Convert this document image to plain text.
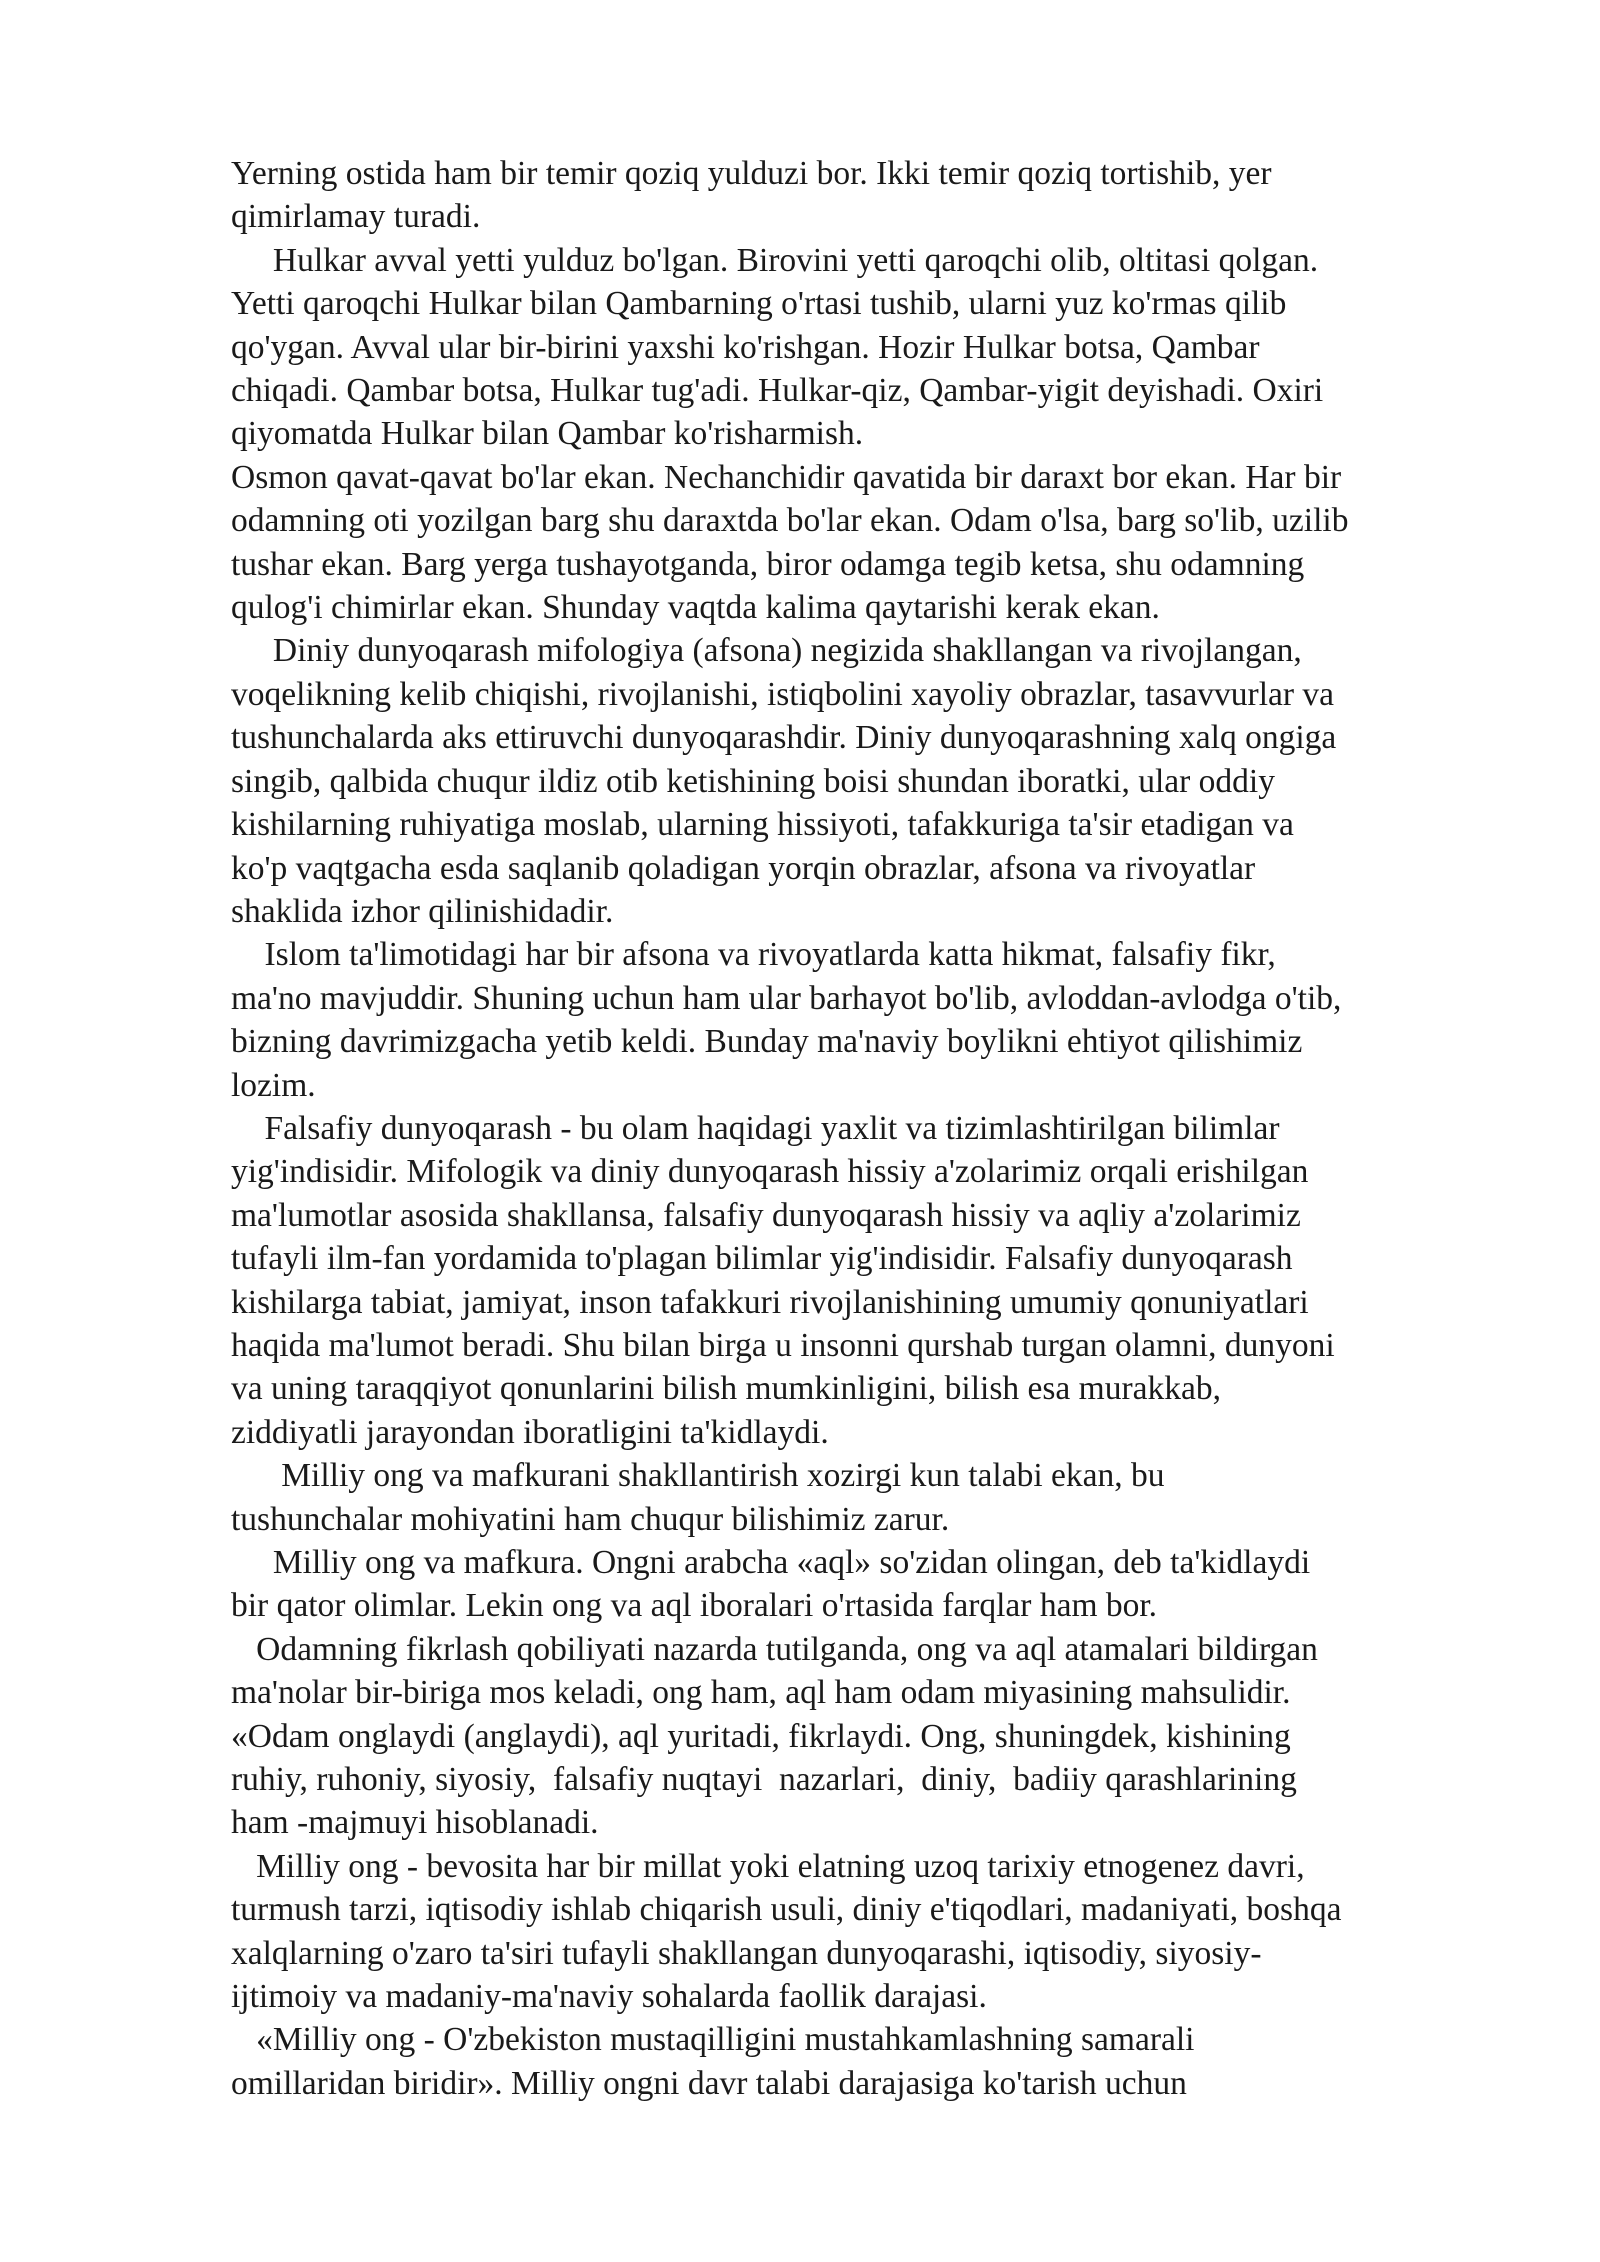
Yerning ostida ham bir temir qoziq yulduzi bor. Ikki temir qoziq tortishib, yer
qimirlamay turadi.
Hulkar avval yetti yulduz bo'lgan. Birovini yetti qaroqchi olib, oltitasi qolgan.
Yetti qaroqchi Hulkar bilan Qambarning o'rtasi tushib, ularni yuz ko'rmas qilib
qo'ygan. Avval ular bir-birini yaxshi ko'rishgan. Hozir Hulkar botsa, Qambar
chiqadi. Qambar botsa, Hulkar tug'adi. Hulkar-qiz, Qambar-yigit deyishadi. Oxiri
qiyomatda Hulkar bilan Qambar ko'risharmish.
Osmon qavat-qavat bo'lar ekan. Nechanchidir qavatida bir daraxt bor ekan. Har bir
odamning oti yozilgan barg shu daraxtda bo'lar ekan. Odam o'lsa, barg so'lib, uzilib
tushar ekan. Barg yerga tushayotganda, biror odamga tegib ketsa, shu odamning
qulog'i chimirlar ekan. Shunday vaqtda kalima qaytarishi kerak ekan.
Diniy dunyoqarash mifologiya (afsona) negizida shakllangan va rivojlangan,
voqelikning kelib chiqishi, rivojlanishi, istiqbolini xayoliy obrazlar, tasavvurlar va
tushunchalarda aks ettiruvchi dunyoqarashdir. Diniy dunyoqarashning xalq ongiga
singib, qalbida chuqur ildiz otib ketishining boisi shundan iboratki, ular oddiy
kishilarning ruhiyatiga moslab, ularning hissiyoti, tafakkuriga ta'sir etadigan va
ko'p vaqtgacha esda saqlanib qoladigan yorqin obrazlar, afsona va rivoyatlar
shaklida izhor qilinishidadir.
Islom ta'limotidagi har bir afsona va rivoyatlarda katta hikmat, falsafiy fikr,
ma'no mavjuddir. Shuning uchun ham ular barhayot bo'lib, avloddan-avlodga o'tib,
bizning davrimizgacha yetib keldi. Bunday ma'naviy boylikni ehtiyot qilishimiz
lozim.
Falsafiy dunyoqarash - bu olam haqidagi yaxlit va tizimlashtirilgan bilimlar
yig'indisidir. Mifologik va diniy dunyoqarash hissiy a'zolarimiz orqali erishilgan
ma'lumotlar asosida shakllansa, falsafiy dunyoqarash hissiy va aqliy a'zolarimiz
tufayli ilm-fan yordamida to'plagan bilimlar yig'indisidir. Falsafiy dunyoqarash
kishilarga tabiat, jamiyat, inson tafakkuri rivojlanishining umumiy qonuniyatlari
haqida ma'lumot beradi. Shu bilan birga u insonni qurshab turgan olamni, dunyoni
va uning taraqqiyot qonunlarini bilish mumkinligini, bilish esa murakkab,
ziddiyatli jarayondan iboratligini ta'kidlaydi.
Milliy ong va mafkurani shakllantirish xozirgi kun talabi ekan, bu
tushunchalar mohiyatini ham chuqur bilishimiz zarur.
Milliy ong va mafkura. Ongni arabcha «aql» so'zidan olingan, deb ta'kidlaydi
bir qator olimlar. Lekin ong va aql iboralari o'rtasida farqlar ham bor.
Odamning fikrlash qobiliyati nazarda tutilganda, ong va aql atamalari bildirgan
ma'nolar bir-biriga mos keladi, ong ham, aql ham odam miyasining mahsulidir.
«Odam onglaydi (anglaydi), aql yuritadi, fikrlaydi. Ong, shuningdek, kishining
ruhiy, ruhoniy, siyosiy,  falsafiy nuqtayi  nazarlari,  diniy,  badiiy qarashlarining
ham -majmuyi hisoblanadi.
Milliy ong - bevosita har bir millat yoki elatning uzoq tarixiy etnogenez davri,
turmush tarzi, iqtisodiy ishlab chiqarish usuli, diniy e'tiqodlari, madaniyati, boshqa
xalqlarning o'zaro ta'siri tufayli shakllangan dunyoqarashi, iqtisodiy, siyosiy-
ijtimoiy va madaniy-ma'naviy sohalarda faollik darajasi.
«Milliy ong - O'zbekiston mustaqilligini mustahkamlashning samarali
omillaridan biridir». Milliy ongni davr talabi darajasiga ko'tarish uchun
